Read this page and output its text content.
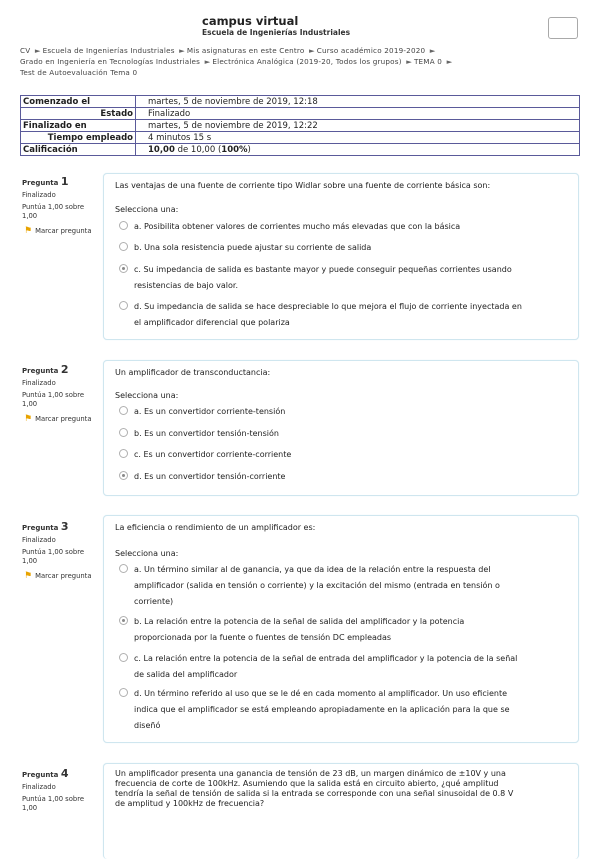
campus virtual
Escuela de Ingenierías Industriales
CV ► Escuela de Ingenierías Industriales ► Mis asignaturas en este Centro ► Curso académico 2019-2020 ►
Grado en Ingeniería en Tecnologías Industriales ► Electrónica Analógica (2019-20, Todos los grupos) ► TEMA 0 ►
Test de Autoevaluación Tema 0
Comenzado el	martes, 5 de noviembre de 2019, 12:18
Estado	Finalizado
Finalizado en	martes, 5 de noviembre de 2019, 12:22
Tiempo empleado	4 minutos 15 s
Calificación	10,00 de 10,00 (100%)
Pregunta 1
Finalizado
Puntúa 1,00 sobre 1,00
⚑ Marcar pregunta
Las ventajas de una fuente de corriente tipo Widlar sobre una fuente de corriente básica son:
Selecciona una:
a. Posibilita obtener valores de corrientes mucho más elevadas que con la básica
b. Una sola resistencia puede ajustar su corriente de salida
c. Su impedancia de salida es bastante mayor y puede conseguir pequeñas corrientes usando
resistencias de bajo valor.
d. Su impedancia de salida se hace despreciable lo que mejora el flujo de corriente inyectada en
el amplificador diferencial que polariza
Pregunta 2
Finalizado
Puntúa 1,00 sobre 1,00
⚑ Marcar pregunta
Un amplificador de transconductancia:
Selecciona una:
a. Es un convertidor corriente-tensión
b. Es un convertidor tensión-tensión
c. Es un convertidor corriente-corriente
d. Es un convertidor tensión-corriente
Pregunta 3
Finalizado
Puntúa 1,00 sobre 1,00
⚑ Marcar pregunta
La eficiencia o rendimiento de un amplificador es:
Selecciona una:
a. Un término similar al de ganancia, ya que da idea de la relación entre la respuesta del
amplificador (salida en tensión o corriente) y la excitación del mismo (entrada en tensión o
corriente)
b. La relación entre la potencia de la señal de salida del amplificador y la potencia
proporcionada por la fuente o fuentes de tensión DC empleadas
c. La relación entre la potencia de la señal de entrada del amplificador y la potencia de la señal
de salida del amplificador
d. Un término referido al uso que se le dé en cada momento al amplificador. Un uso eficiente
indica que el amplificador se está empleando apropiadamente en la aplicación para la que se
diseñó
Pregunta 4
Finalizado
Puntúa 1,00 sobre 1,00
Un amplificador presenta una ganancia de tensión de 23 dB, un margen dinámico de ±10V y una
frecuencia de corte de 100kHz. Asumiendo que la salida está en circuito abierto, ¿qué amplitud
tendría la señal de tensión de salida si la entrada se corresponde con una señal sinusoidal de 0.8 V
de amplitud y 100kHz de frecuencia?
